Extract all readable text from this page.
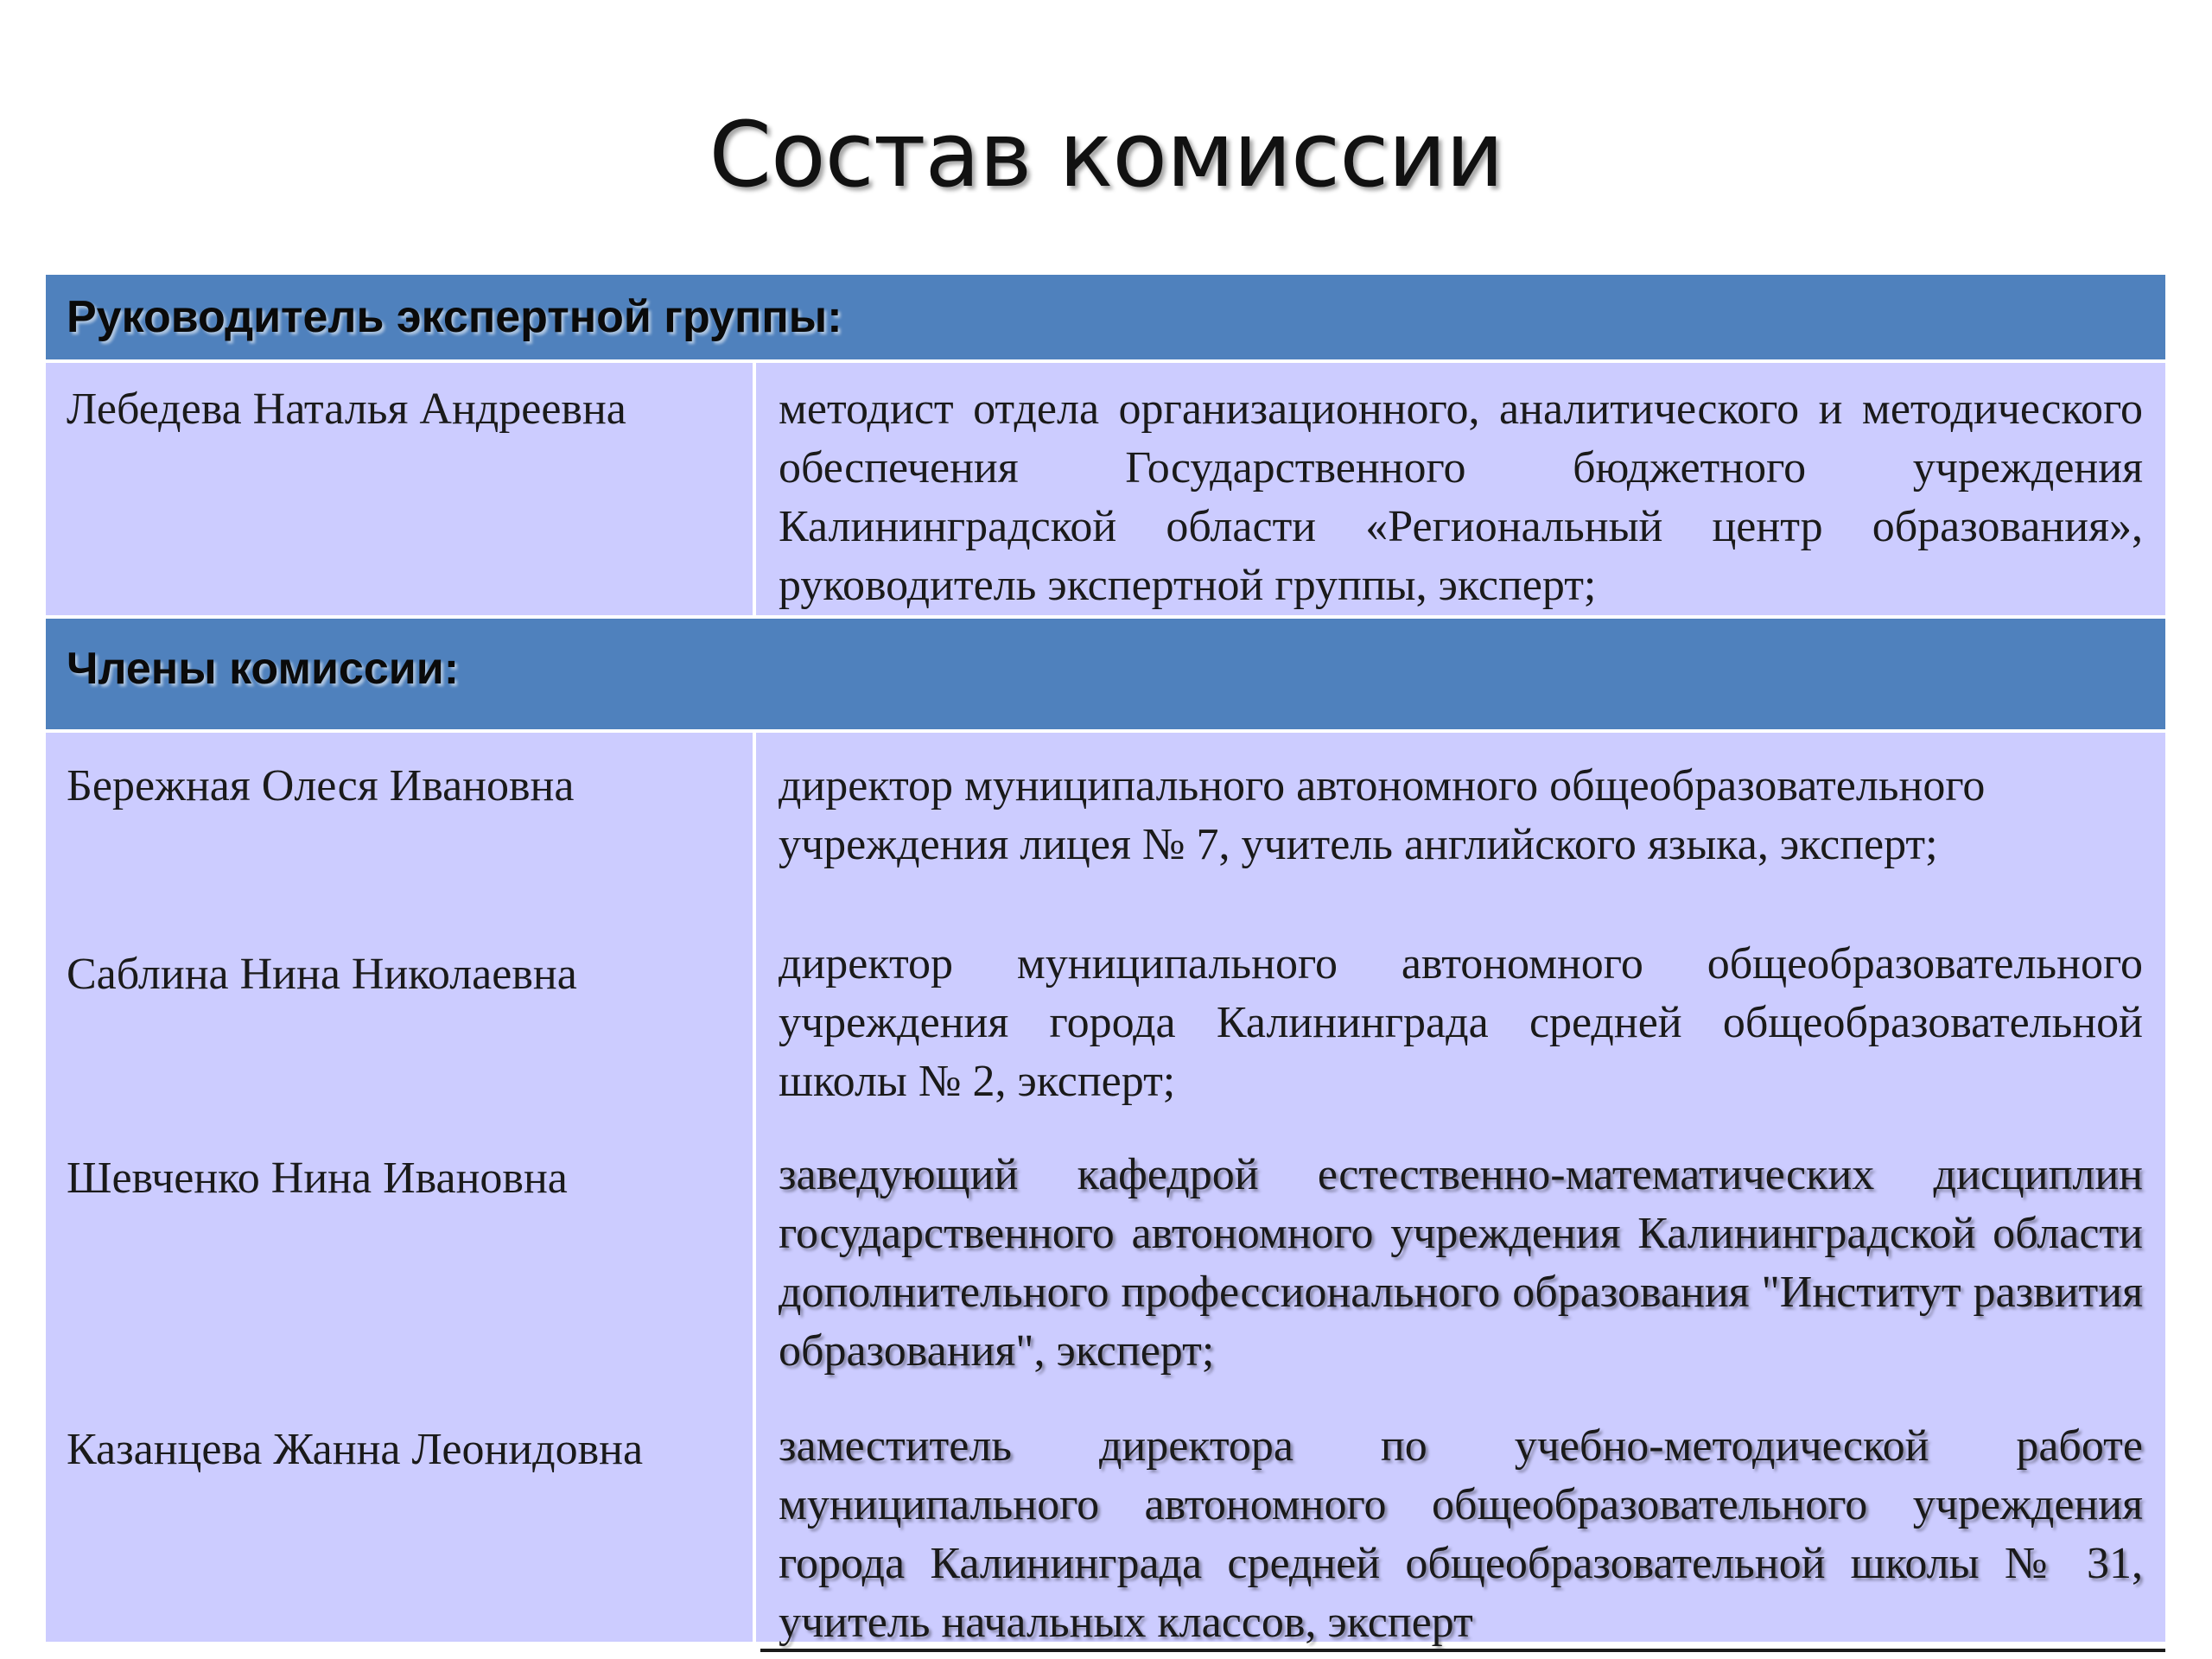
Состав комиссии
Руководитель экспертной группы:
Лебедева Наталья Андреевна	методист отдела организационного, аналитического и методического обеспечения Государственного бюджетного учреждения Калининградской области «Региональный центр образования», руководитель экспертной группы, эксперт;
Члены комиссии:
Бережная Олеся Ивановна
Саблина Нина Николаевна
Шевченко Нина Ивановна
Казанцева Жанна Леонидовна
директор муниципального автономного общеобразовательного учреждения лицея № 7, учитель английского языка, эксперт;
директор муниципального автономного общеобразовательного учреждения города Калининграда средней общеобразовательной школы № 2, эксперт;
заведующий кафедрой естественно-математических дисциплин государственного автономного учреждения Калининградской области дополнительного профессионального образования "Институт развития образования", эксперт;
заместитель директора по учебно-методической работе муниципального автономного общеобразовательного учреждения города Калининграда средней общеобразовательной школы № 31, учитель начальных классов, эксперт
